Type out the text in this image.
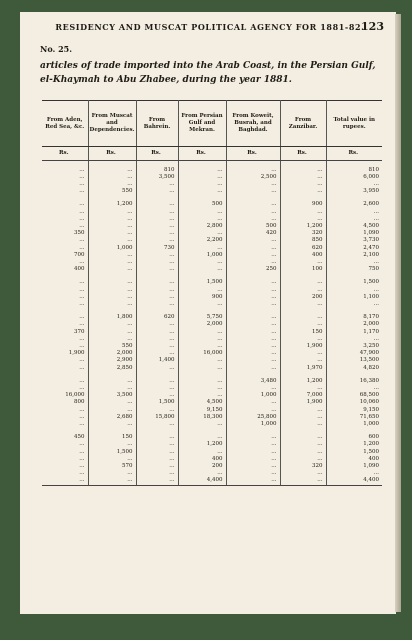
RESIDENCY AND MUSCAT POLITICAL AGENCY FOR 1881-82.
123
No. 25.
articles of trade imported into the Arab Coast, in the Persian Gulf, el-Khaymah to Abu Zhabee, during the year 1881.
From Aden, Red Sea, &c.	From Muscat and Dependencies.	From Bahrein.	From Persian Gulf and Mekran.	From Koweit, Busrah, and Baghdad.	From Zanzibar.	Total value in rupees.
Rs.	Rs.	Rs.	Rs.	Rs.	Rs.	Rs.

...	...	810	...	...	...	810
...	...	3,500	...	2,500	...	6,000
...	...	...	...	...	...	...
...	550	...	...	...	...	3,950

...	1,200	...	500	...	900	2,600
...	...	...	...	...	...	...
...	...	...	...	...	...	...
...	...	...	2,800	500	1,200	4,500
350	...	...	...	420	320	1,090
...	...	...	2,200	...	850	3,730
...	1,000	730	...	...	620	2,470
700	...	...	1,000	...	400	2,100
...	...	...	...	...	...	...
400	...	...	...	250	100	750

...	...	...	1,500	...	...	1,500
...	...	...	...	...	...	...
...	...	...	900	...	200	1,100
...	...	...	...	...	...	...

...	1,800	620	5,750	...	...	8,170
...	...	...	2,000	...	...	2,000
370	...	...	...	...	150	1,170
...	...	...	...	...	...	...
...	550	...	...	...	1,900	3,250
1,900	2,000	...	16,000	...	...	47,900
...	2,900	1,400	...	...	...	13,500
...	2,850	...	...	...	1,970	4,820

...	...	...	...	3,480	1,200	16,380
...	...	...	...	...	...	...
16,000	3,500	...	...	1,000	7,000	68,500
800	...	1,500	4,500	...	1,900	10,060
...	...	...	9,150	...	...	9,150
...	2,680	15,800	18,300	25,800	...	71,650
...	...	...	...	1,000	...	1,000

450	150	...	...	...	...	600
...	...	...	1,200	...	...	1,200
...	1,500	...	...	...	...	1,500
...	...	...	400	...	...	400
...	570	...	200	...	320	1,090
...	...	...	...	...	...	...
...	...	...	4,400	...	...	4,400
